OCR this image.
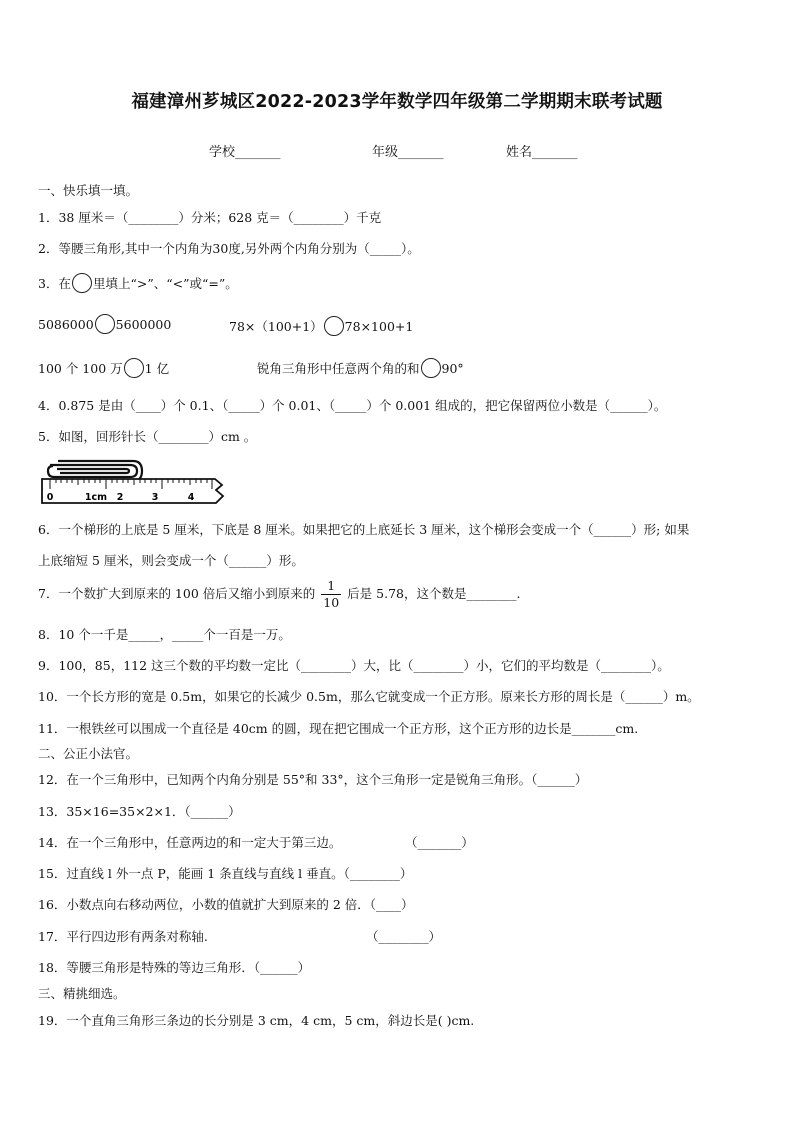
福建漳州芗城区2022-2023学年数学四年级第二学期期末联考试题
学校_______	年级_______	姓名_______
一、快乐填一填。
1．38 厘米＝（________）分米；628 克＝（________）千克
2．等腰三角形,其中一个内角为30度,另外两个内角分别为（_____）。
3．在 里填上“>”、“<”或“=”。
5086000 5600000	78×（100+1） 78×100+1
100 个 100 万 1 亿	锐角三角形中任意两个角的和 90°
4．0.875 是由（____）个 0.1、（_____）个 0.01、（_____）个 0.001 组成的，把它保留两位小数是（______）。
5．如图，回形针长（________）cm 。
0	1cm 2	3	4
6．一个梯形的上底是 5 厘米，下底是 8 厘米。如果把它的上底延长 3 厘米，这个梯形会变成一个（______）形; 如果
上底缩短 5 厘米，则会变成一个（______）形。
7．一个数扩大到原来的 100 倍后又缩小到原来的 $\frac{1}{10}$ 后是 5.78，这个数是________.
8．10 个一千是_____，_____个一百是一万。
9．100，85，112 这三个数的平均数一定比（________）大，比（________）小，它们的平均数是（________）。
10．一个长方形的宽是 0.5m，如果它的长减少 0.5m，那么它就变成一个正方形。原来长方形的周长是（______）m。
11．一根铁丝可以围成一个直径是 40cm 的圆，现在把它围成一个正方形，这个正方形的边长是_______cm.
二、公正小法官。
12．在一个三角形中，已知两个内角分别是 55°和 33°，这个三角形一定是锐角三角形。（______）
13．35×16=35×2×1．（______）
14．在一个三角形中，任意两边的和一定大于第三边。	（_______）
15．过直线 l 外一点 P，能画 1 条直线与直线 l 垂直。（________）
16．小数点向右移动两位，小数的值就扩大到原来的 2 倍．（____）
17．平行四边形有两条对称轴.	（________）
18．等腰三角形是特殊的等边三角形．（______）
三、精挑细选。
19．一个直角三角形三条边的长分别是 3 cm，4 cm，5 cm，斜边长是( )cm.
